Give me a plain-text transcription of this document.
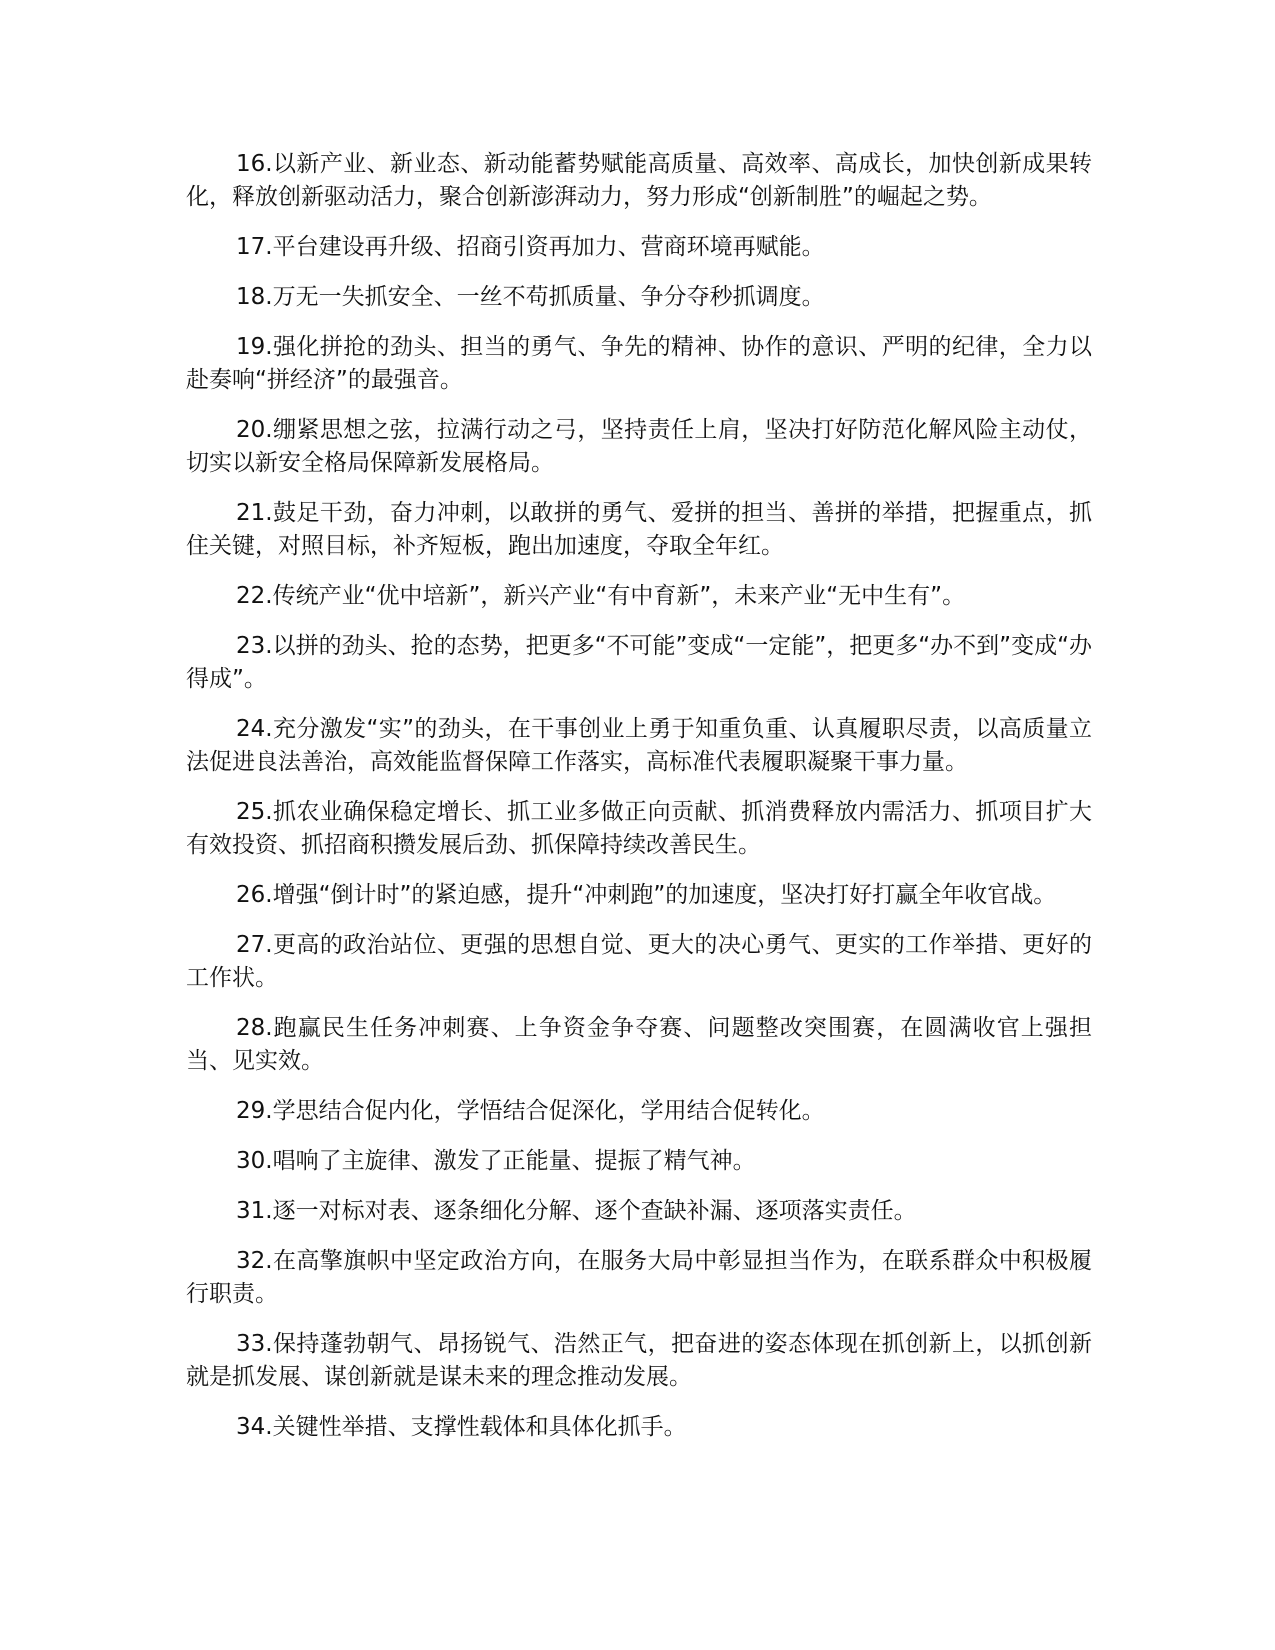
16.以新产业、新业态、新动能蓄势赋能高质量、高效率、高成长，加快创新成果转化，释放创新驱动活力，聚合创新澎湃动力，努力形成“创新制胜”的崛起之势。

17.平台建设再升级、招商引资再加力、营商环境再赋能。

18.万无一失抓安全、一丝不苟抓质量、争分夺秒抓调度。

19.强化拼抢的劲头、担当的勇气、争先的精神、协作的意识、严明的纪律，全力以赴奏响“拼经济”的最强音。

20.绷紧思想之弦，拉满行动之弓，坚持责任上肩，坚决打好防范化解风险主动仗，切实以新安全格局保障新发展格局。

21.鼓足干劲，奋力冲刺，以敢拼的勇气、爱拼的担当、善拼的举措，把握重点，抓住关键，对照目标，补齐短板，跑出加速度，夺取全年红。

22.传统产业“优中培新”，新兴产业“有中育新”，未来产业“无中生有”。

23.以拼的劲头、抢的态势，把更多“不可能”变成“一定能”，把更多“办不到”变成“办得成”。

24.充分激发“实”的劲头，在干事创业上勇于知重负重、认真履职尽责，以高质量立法促进良法善治，高效能监督保障工作落实，高标准代表履职凝聚干事力量。

25.抓农业确保稳定增长、抓工业多做正向贡献、抓消费释放内需活力、抓项目扩大有效投资、抓招商积攒发展后劲、抓保障持续改善民生。

26.增强“倒计时”的紧迫感，提升“冲刺跑”的加速度，坚决打好打赢全年收官战。

27.更高的政治站位、更强的思想自觉、更大的决心勇气、更实的工作举措、更好的工作状。

28.跑赢民生任务冲刺赛、上争资金争夺赛、问题整改突围赛，在圆满收官上强担当、见实效。

29.学思结合促内化，学悟结合促深化，学用结合促转化。

30.唱响了主旋律、激发了正能量、提振了精气神。

31.逐一对标对表、逐条细化分解、逐个查缺补漏、逐项落实责任。

32.在高擎旗帜中坚定政治方向，在服务大局中彰显担当作为，在联系群众中积极履行职责。

33.保持蓬勃朝气、昂扬锐气、浩然正气，把奋进的姿态体现在抓创新上，以抓创新就是抓发展、谋创新就是谋未来的理念推动发展。

34.关键性举措、支撑性载体和具体化抓手。
